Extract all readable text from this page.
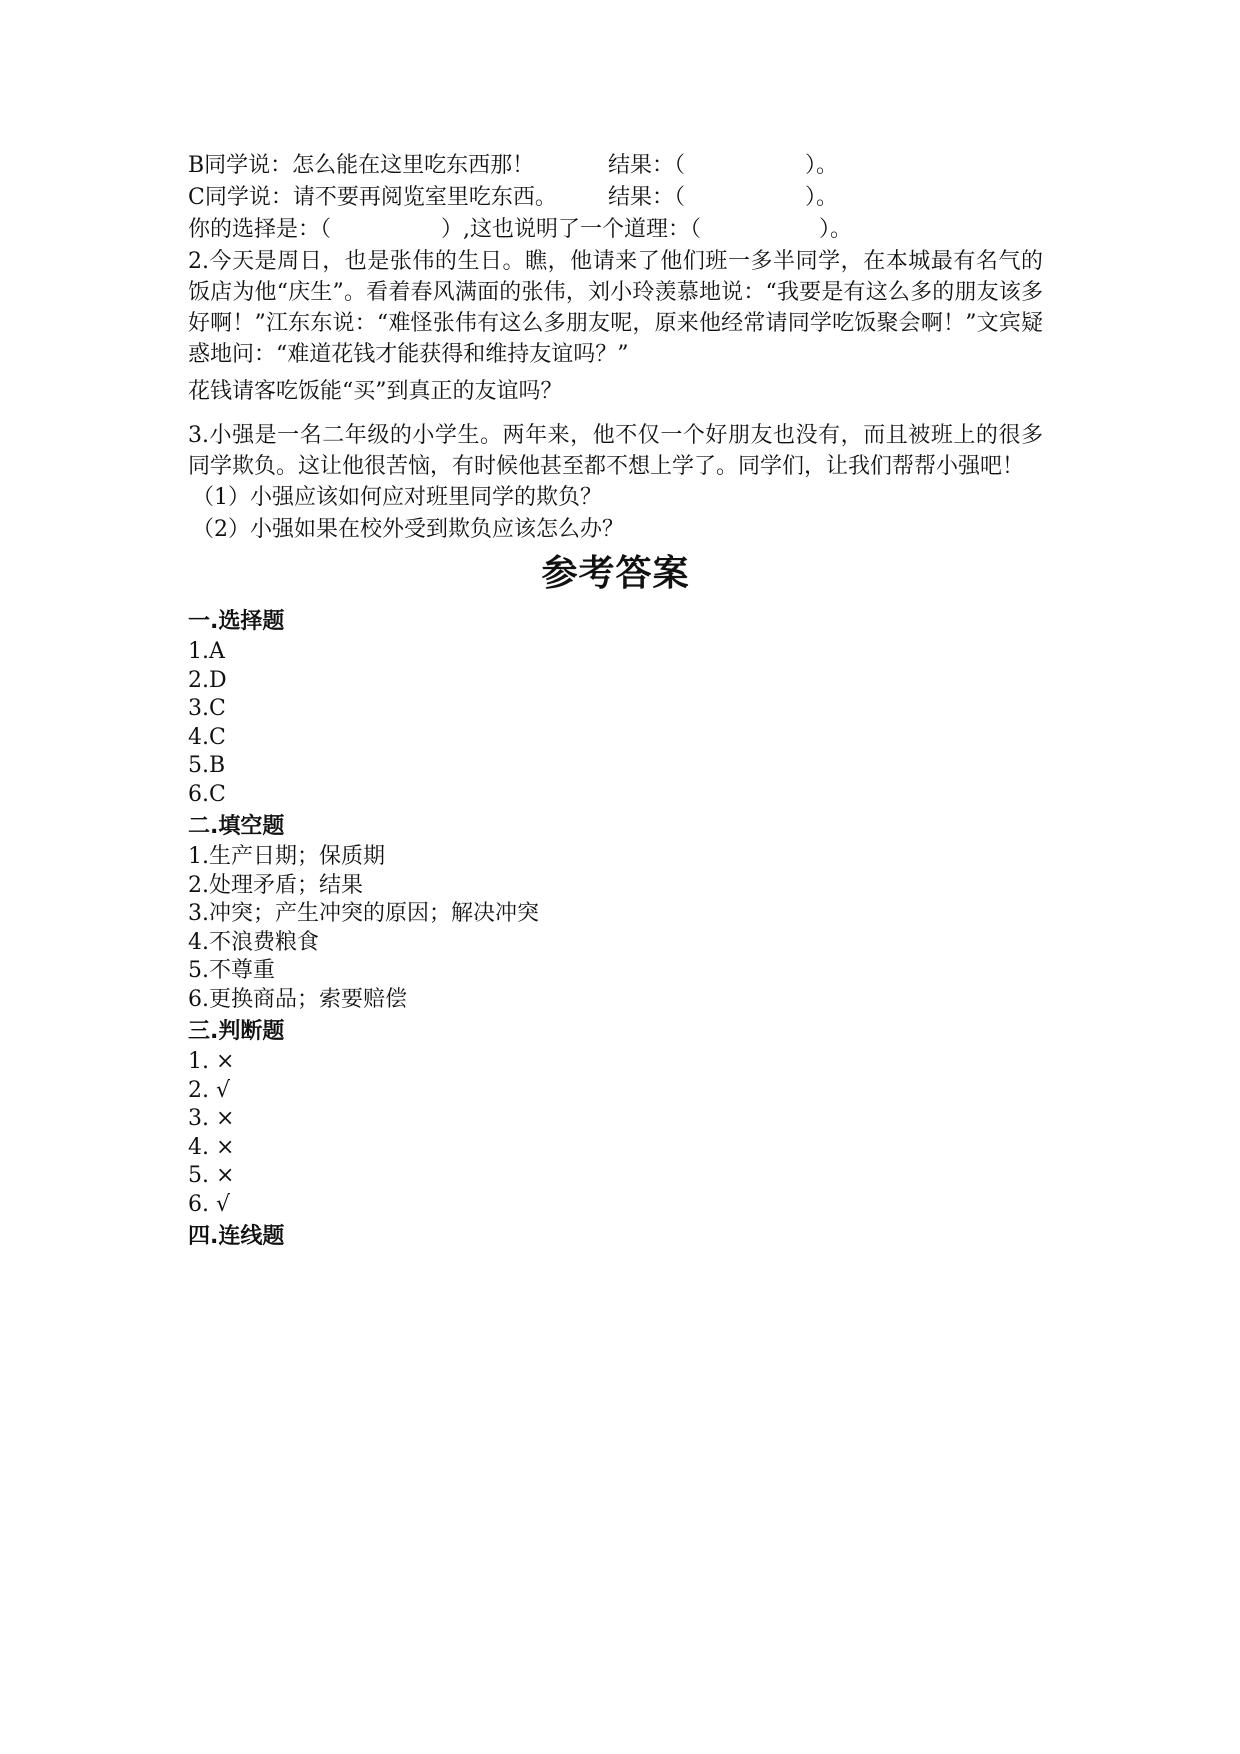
B同学说：怎么能在这里吃东西那！	结果：（	）。
C同学说：请不要再阅览室里吃东西。 结果：（	）。
你的选择是：（	）,这也说明了一个道理：（	）。
2.今天是周日，也是张伟的生日。瞧，他请来了他们班一多半同学，在本城最有名气的饭店为他“庆生”。看着春风满面的张伟，刘小玲羡慕地说：“我要是有这么多的朋友该多好啊！”江东东说：“难怪张伟有这么多朋友呢，原来他经常请同学吃饭聚会啊！”文宾疑惑地问：“难道花钱才能获得和维持友谊吗？”
花钱请客吃饭能“买”到真正的友谊吗？
3.小强是一名二年级的小学生。两年来，他不仅一个好朋友也没有，而且被班上的很多同学欺负。这让他很苦恼，有时候他甚至都不想上学了。同学们，让我们帮帮小强吧！
（1）小强应该如何应对班里同学的欺负？
（2）小强如果在校外受到欺负应该怎么办？
参考答案
一.选择题
1.A
2.D
3.C
4.C
5.B
6.C
二.填空题
1.生产日期；保质期
2.处理矛盾；结果
3.冲突；产生冲突的原因；解决冲突
4.不浪费粮食
5.不尊重
6.更换商品；索要赔偿
三.判断题
1. ×
2. √
3. ×
4. ×
5. ×
6. √
四.连线题
